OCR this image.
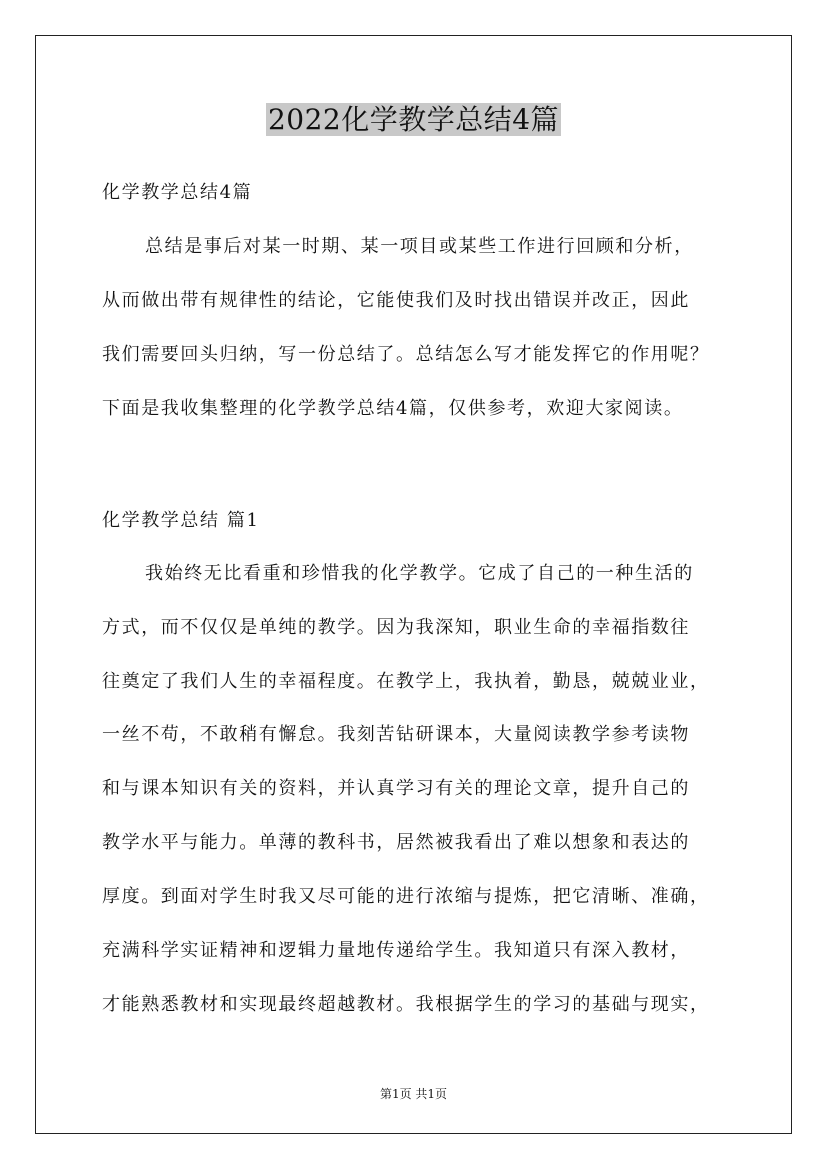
2022化学教学总结4篇
化学教学总结4篇
总结是事后对某一时期、某一项目或某些工作进行回顾和分析，
从而做出带有规律性的结论，它能使我们及时找出错误并改正，因此
我们需要回头归纳，写一份总结了。总结怎么写才能发挥它的作用呢？
下面是我收集整理的化学教学总结4篇，仅供参考，欢迎大家阅读。
化学教学总结 篇1
我始终无比看重和珍惜我的化学教学。它成了自己的一种生活的
方式，而不仅仅是单纯的教学。因为我深知，职业生命的幸福指数往
往奠定了我们人生的幸福程度。在教学上，我执着，勤恳，兢兢业业，
一丝不苟，不敢稍有懈怠。我刻苦钻研课本，大量阅读教学参考读物
和与课本知识有关的资料，并认真学习有关的理论文章，提升自己的
教学水平与能力。单薄的教科书，居然被我看出了难以想象和表达的
厚度。到面对学生时我又尽可能的进行浓缩与提炼，把它清晰、准确，
充满科学实证精神和逻辑力量地传递给学生。我知道只有深入教材，
才能熟悉教材和实现最终超越教材。我根据学生的学习的基础与现实，
第1页 共1页
